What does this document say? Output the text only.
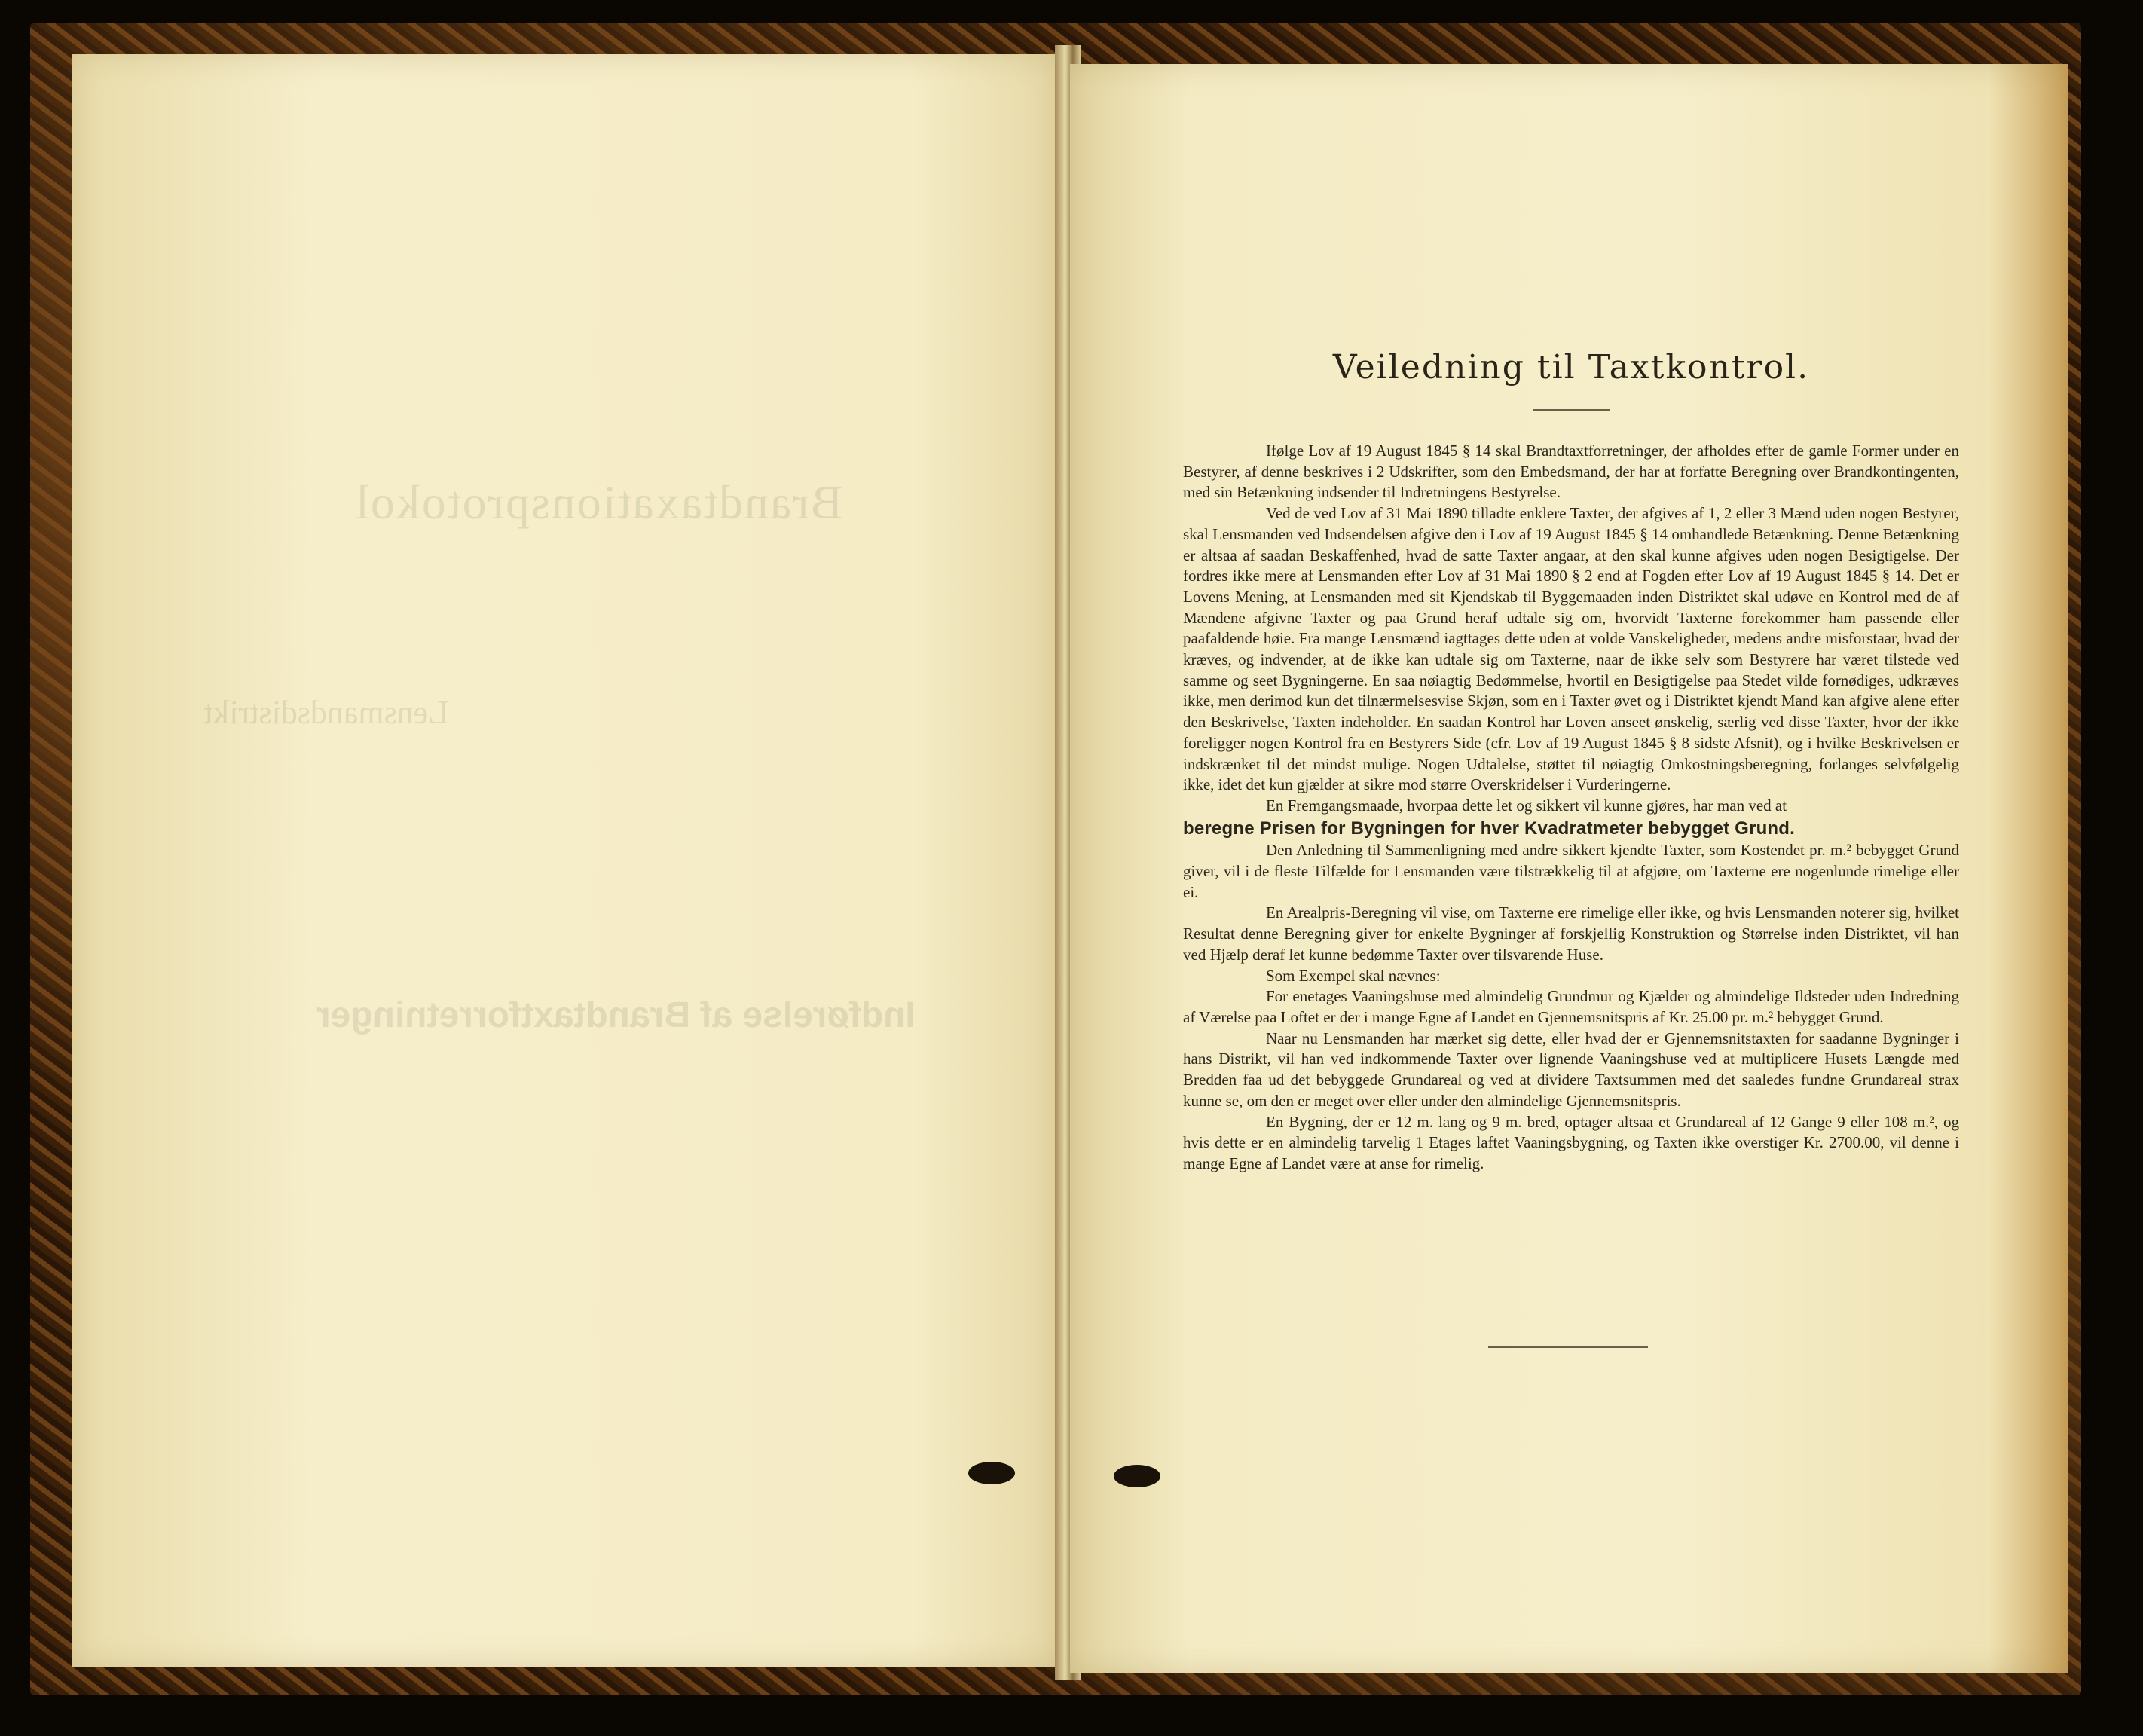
Brandtaxationsprotokol
Lensmandsdistrikt
Indførelse af Brandtaxtforretninger
Veiledning til Taxtkontrol.

Ifølge Lov af 19 August 1845 § 14 skal Brandtaxtforretninger, der afholdes efter de gamle Former under en Bestyrer, af denne beskrives i 2 Udskrifter, som den Embedsmand, der har at forfatte Beregning over Brandkontingenten, med sin Betænkning indsender til Indretningens Bestyrelse.

Ved de ved Lov af 31 Mai 1890 tilladte enklere Taxter, der afgives af 1, 2 eller 3 Mænd uden nogen Bestyrer, skal Lensmanden ved Indsendelsen afgive den i Lov af 19 August 1845 § 14 omhandlede Betænkning. Denne Betænkning er altsaa af saadan Beskaffenhed, hvad de satte Taxter angaar, at den skal kunne afgives uden nogen Besigtigelse. Der fordres ikke mere af Lensmanden efter Lov af 31 Mai 1890 § 2 end af Fogden efter Lov af 19 August 1845 § 14. Det er Lovens Mening, at Lensmanden med sit Kjendskab til Byggemaaden inden Distriktet skal udøve en Kontrol med de af Mændene afgivne Taxter og paa Grund heraf udtale sig om, hvorvidt Taxterne forekommer ham passende eller paafaldende høie. Fra mange Lensmænd iagttages dette uden at volde Vanskeligheder, medens andre misforstaar, hvad der kræves, og indvender, at de ikke kan udtale sig om Taxterne, naar de ikke selv som Bestyrere har været tilstede ved samme og seet Bygningerne. En saa nøiagtig Bedømmelse, hvortil en Besigtigelse paa Stedet vilde fornødiges, udkræves ikke, men derimod kun det tilnærmelsesvise Skjøn, som en i Taxter øvet og i Distriktet kjendt Mand kan afgive alene efter den Beskrivelse, Taxten indeholder. En saadan Kontrol har Loven anseet ønskelig, særlig ved disse Taxter, hvor der ikke foreligger nogen Kontrol fra en Bestyrers Side (cfr. Lov af 19 August 1845 § 8 sidste Afsnit), og i hvilke Beskrivelsen er indskrænket til det mindst mulige. Nogen Udtalelse, støttet til nøiagtig Omkostningsberegning, forlanges selvfølgelig ikke, idet det kun gjælder at sikre mod større Overskridelser i Vurderingerne.

En Fremgangsmaade, hvorpaa dette let og sikkert vil kunne gjøres, har man ved at

beregne Prisen for Bygningen for hver Kvadratmeter bebygget Grund.

Den Anledning til Sammenligning med andre sikkert kjendte Taxter, som Kostendet pr. m.² bebygget Grund giver, vil i de fleste Tilfælde for Lensmanden være tilstrækkelig til at afgjøre, om Taxterne ere nogenlunde rimelige eller ei.

En Arealpris-Beregning vil vise, om Taxterne ere rimelige eller ikke, og hvis Lensmanden noterer sig, hvilket Resultat denne Beregning giver for enkelte Bygninger af forskjellig Konstruktion og Størrelse inden Distriktet, vil han ved Hjælp deraf let kunne bedømme Taxter over tilsvarende Huse.

Som Exempel skal nævnes:

For enetages Vaaningshuse med almindelig Grundmur og Kjælder og almindelige Ildsteder uden Indredning af Værelse paa Loftet er der i mange Egne af Landet en Gjennemsnitspris af Kr. 25.00 pr. m.² bebygget Grund.

Naar nu Lensmanden har mærket sig dette, eller hvad der er Gjennemsnitstaxten for saadanne Bygninger i hans Distrikt, vil han ved indkommende Taxter over lignende Vaaningshuse ved at multiplicere Husets Længde med Bredden faa ud det bebyggede Grundareal og ved at dividere Taxtsummen med det saaledes fundne Grundareal strax kunne se, om den er meget over eller under den almindelige Gjennemsnitspris.

En Bygning, der er 12 m. lang og 9 m. bred, optager altsaa et Grundareal af 12 Gange 9 eller 108 m.², og hvis dette er en almindelig tarvelig 1 Etages laftet Vaaningsbygning, og Taxten ikke overstiger Kr. 2700.00, vil denne i mange Egne af Landet være at anse for rimelig.
